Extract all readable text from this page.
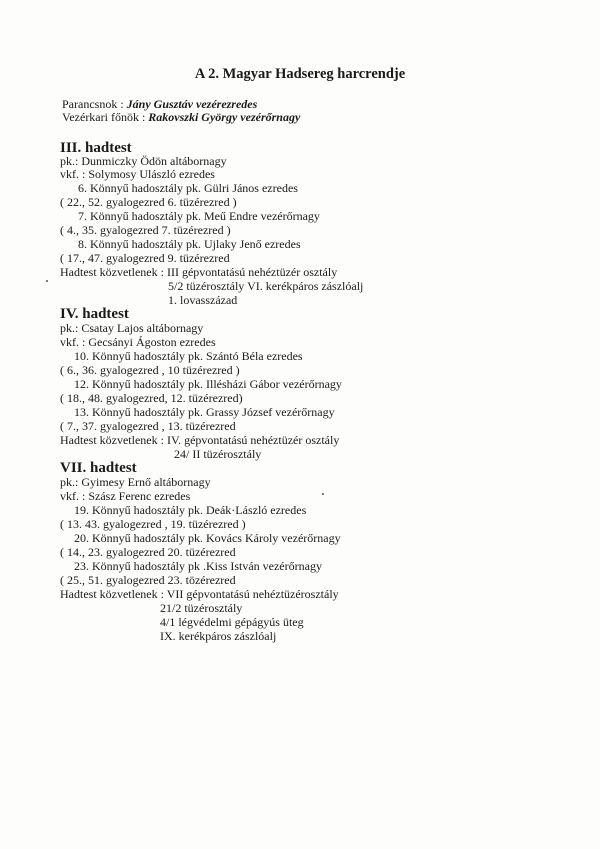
A 2. Magyar Hadsereg harcrendje
Parancsnok : Jány Gusztáv vezérezredes
Vezérkari főnök : Rakovszki György vezérőrnagy
III. hadtest
pk.: Dunmiczky Ödön altábornagy
vkf. : Solymosy Ulászló ezredes
6. Könnyű hadosztály pk. Gülri János ezredes
( 22., 52. gyalogezred 6. tüzérezred )
7. Könnyű hadosztály pk. Meű Endre vezérőrnagy
( 4., 35. gyalogezred 7. tüzérezred )
8. Könnyű hadosztály pk. Ujlaky Jenő ezredes
( 17., 47. gyalogezred 9. tüzérezred
Hadtest közvetlenek : III gépvontatású nehéztüzér osztály
5/2 tüzérosztály VI. kerékpáros zászlóalj
1. lovasszázad
IV. hadtest
pk.: Csatay Lajos altábornagy
vkf. : Gecsányi Ágoston ezredes
10. Könnyű hadosztály pk. Szántó Béla ezredes
( 6., 36. gyalogezred , 10 tüzérezred )
12. Könnyű hadosztály pk. Illésházi Gábor vezérőrnagy
( 18., 48. gyalogezred, 12. tüzérezred)
13. Könnyű hadosztály pk. Grassy József vezérőrnagy
( 7., 37. gyalogezred , 13. tüzérezred
Hadtest közvetlenek : IV. gépvontatású nehéztüzér osztály
24/ II tüzérosztály
VII. hadtest
pk.: Gyimesy Ernő altábornagy
vkf. : Szász Ferenc ezredes
19. Könnyű hadosztály pk. Deák·László ezredes
( 13. 43. gyalogezred , 19. tüzérezred )
20. Könnyű hadosztály pk. Kovács Károly vezérőrnagy
( 14., 23. gyalogezred 20. tüzérezred
23. Könnyű hadosztály pk .Kiss István vezérőrnagy
( 25., 51. gyalogezred 23. tözérezred
Hadtest közvetlenek : VII gépvontatású nehéztüzérosztály
21/2 tüzérosztály
4/1 légvédelmi gépágyús üteg
IX. kerékpáros zászlóalj
